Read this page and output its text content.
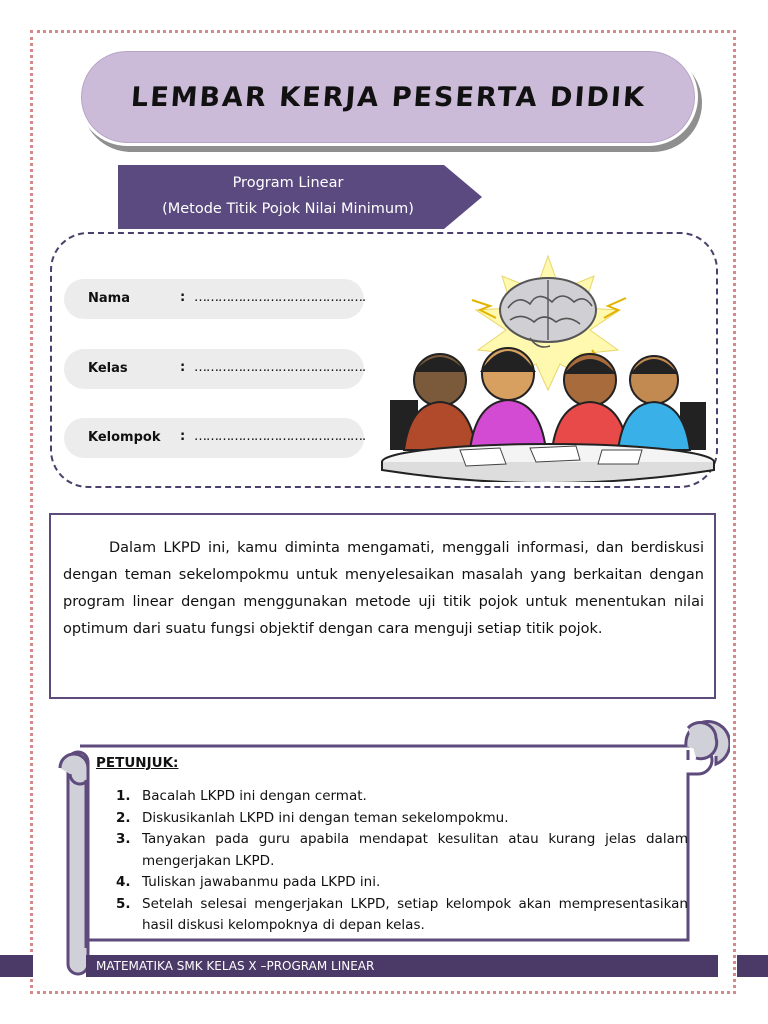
LEMBAR KERJA PESERTA DIDIK
Program Linear
(Metode Titik Pojok Nilai Minimum)
Nama	: …………………………………….
Kelas	: …………………………………….
Kelompok : …………………………………….

Dalam LKPD ini, kamu diminta mengamati, menggali informasi, dan berdiskusi dengan teman sekelompokmu untuk menyelesaikan masalah yang berkaitan dengan program linear dengan menggunakan metode uji titik pojok untuk menentukan nilai optimum dari suatu fungsi objektif dengan cara menguji setiap titik pojok.

PETUNJUK:
1. Bacalah LKPD ini dengan cermat.
2. Diskusikanlah LKPD ini dengan teman sekelompokmu.
3. Tanyakan pada guru apabila mendapat kesulitan atau kurang jelas dalam mengerjakan LKPD.
4. Tuliskan jawabanmu pada LKPD ini.
5. Setelah selesai mengerjakan LKPD, setiap kelompok akan mempresentasikan hasil diskusi kelompoknya di depan kelas.
MATEMATIKA SMK KELAS X –PROGRAM LINEAR
